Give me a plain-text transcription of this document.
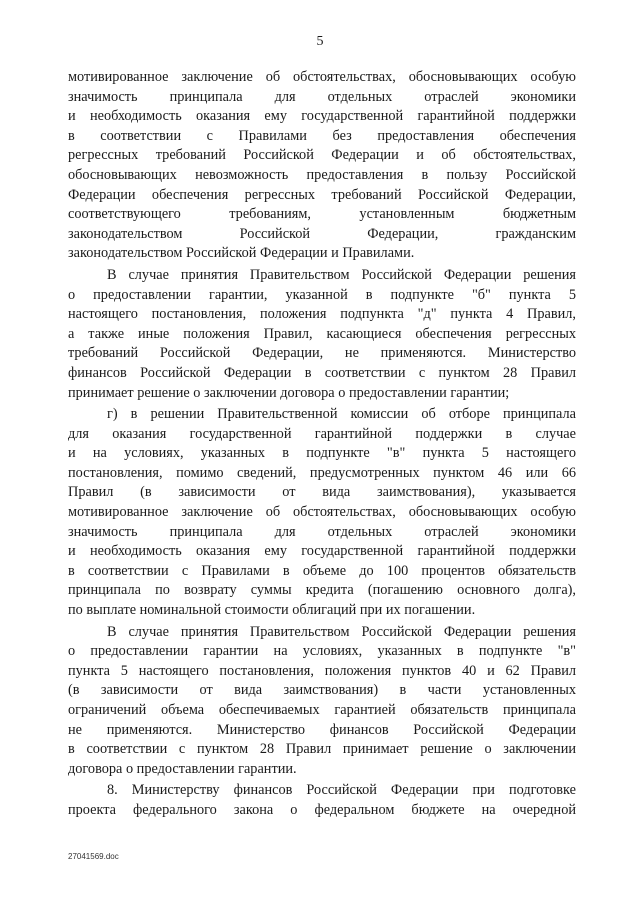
5

мотивированное заключение об обстоятельствах, обосновывающих особую
значимость принципала для отдельных отраслей экономики
и необходимость оказания ему государственной гарантийной поддержки
в соответствии с Правилами без предоставления обеспечения
регрессных требований Российской Федерации и об обстоятельствах,
обосновывающих невозможность предоставления в пользу Российской
Федерации обеспечения регрессных требований Российской Федерации,
соответствующего требованиям, установленным бюджетным
законодательством Российской Федерации, гражданским
законодательством Российской Федерации и Правилами.

В случае принятия Правительством Российской Федерации решения
о предоставлении гарантии, указанной в подпункте "б" пункта 5
настоящего постановления, положения подпункта "д" пункта 4 Правил,
а также иные положения Правил, касающиеся обеспечения регрессных
требований Российской Федерации, не применяются. Министерство
финансов Российской Федерации в соответствии с пунктом 28 Правил
принимает решение о заключении договора о предоставлении гарантии;

г) в решении Правительственной комиссии об отборе принципала
для оказания государственной гарантийной поддержки в случае
и на условиях, указанных в подпункте "в" пункта 5 настоящего
постановления, помимо сведений, предусмотренных пунктом 46 или 66
Правил (в зависимости от вида заимствования), указывается
мотивированное заключение об обстоятельствах, обосновывающих особую
значимость принципала для отдельных отраслей экономики
и необходимость оказания ему государственной гарантийной поддержки
в соответствии с Правилами в объеме до 100 процентов обязательств
принципала по возврату суммы кредита (погашению основного долга),
по выплате номинальной стоимости облигаций при их погашении.

В случае принятия Правительством Российской Федерации решения
о предоставлении гарантии на условиях, указанных в подпункте "в"
пункта 5 настоящего постановления, положения пунктов 40 и 62 Правил
(в зависимости от вида заимствования) в части установленных
ограничений объема обеспечиваемых гарантией обязательств принципала
не применяются. Министерство финансов Российской Федерации
в соответствии с пунктом 28 Правил принимает решение о заключении
договора о предоставлении гарантии.

8. Министерству финансов Российской Федерации при подготовке
проекта федерального закона о федеральном бюджете на очередной

27041569.doc
